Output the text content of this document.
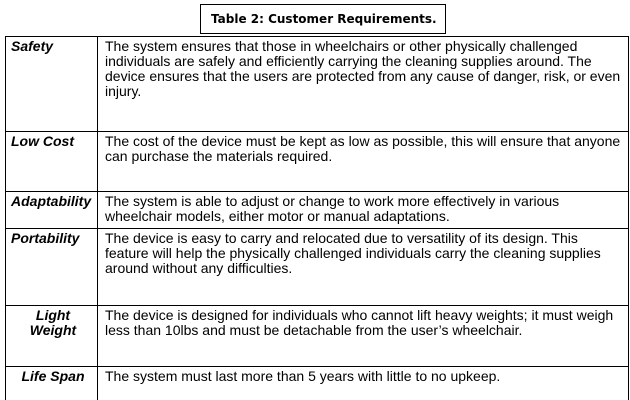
Table 2: Customer Requirements.
Safety	The system ensures that those in wheelchairs or other physically challenged individuals are safely and efficiently carrying the cleaning supplies around. The device ensures that the users are protected from any cause of danger, risk, or even injury.
Low Cost	The cost of the device must be kept as low as possible, this will ensure that anyone can purchase the materials required.
Adaptability	The system is able to adjust or change to work more effectively in various wheelchair models, either motor or manual adaptations.
Portability	The device is easy to carry and relocated due to versatility of its design. This feature will help the physically challenged individuals carry the cleaning supplies around without any difficulties.
Light Weight	The device is designed for individuals who cannot lift heavy weights; it must weigh less than 10lbs and must be detachable from the user’s wheelchair.
Life Span	The system must last more than 5 years with little to no upkeep.
